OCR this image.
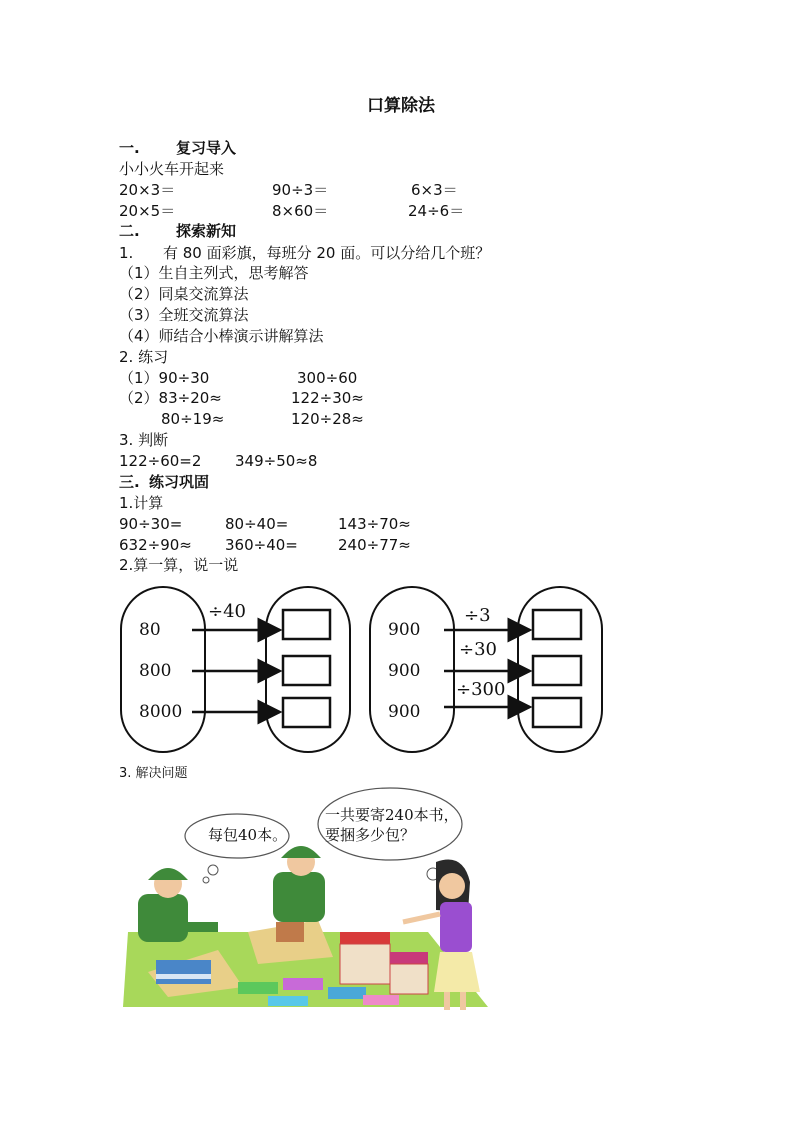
口算除法
一. 复习导入
小小火车开起来
20×3＝	90÷3＝	6×3＝
20×5＝	8×60＝	24÷6＝
二. 探索新知
1. 有 80 面彩旗，每班分 20 面。可以分给几个班？
（1）生自主列式，思考解答
（2）同桌交流算法
（3）全班交流算法
（4）师结合小棒演示讲解算法
2. 练习
（1）90÷30	300÷60
（2）83÷20≈	122÷30≈
80÷19≈	120÷28≈
3. 判断
122÷60=2 349÷50≈8
三. 练习巩固
1.计算
90÷30=	80÷40=	143÷70≈
632÷90≈ 360÷40=	240÷77≈
2.算一算，说一说
÷40
80
800
8000
÷3
÷30
÷300
900
900
900
3. 解决问题
每包40本。
一共要寄240本书，
要捆多少包？
